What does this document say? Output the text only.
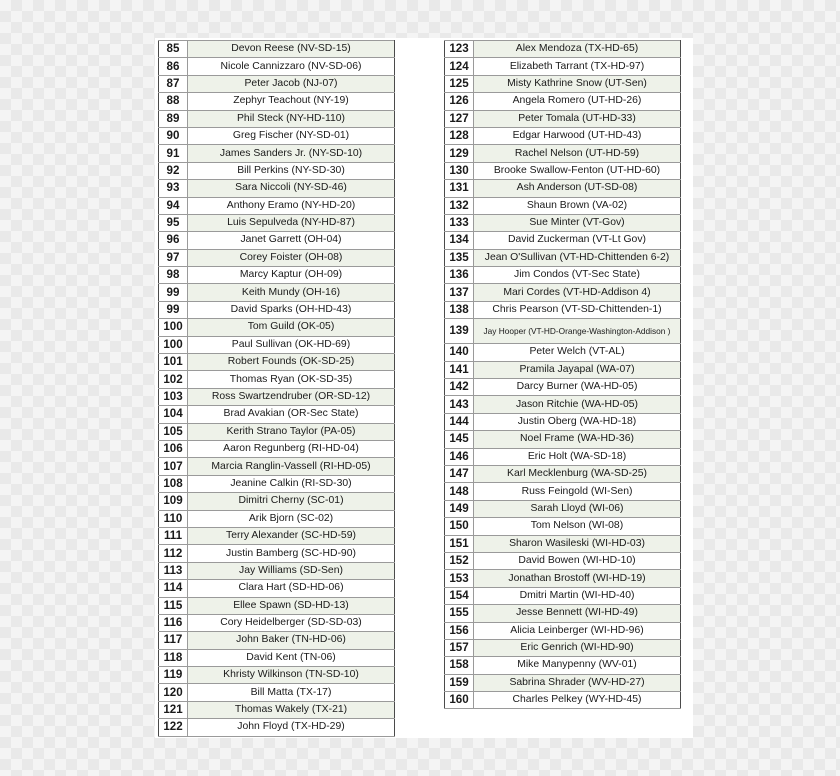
85	Devon Reese (NV-SD-15)
86	Nicole Cannizzaro (NV-SD-06)
87	Peter Jacob (NJ-07)
88	Zephyr Teachout (NY-19)
89	Phil Steck (NY-HD-110)
90	Greg Fischer (NY-SD-01)
91	James Sanders Jr. (NY-SD-10)
92	Bill Perkins (NY-SD-30)
93	Sara Niccoli (NY-SD-46)
94	Anthony Eramo (NY-HD-20)
95	Luis Sepulveda (NY-HD-87)
96	Janet Garrett (OH-04)
97	Corey Foister (OH-08)
98	Marcy Kaptur (OH-09)
99	Keith Mundy (OH-16)
99	David Sparks (OH-HD-43)
100	Tom Guild (OK-05)
100	Paul Sullivan (OK-HD-69)
101	Robert Founds (OK-SD-25)
102	Thomas Ryan (OK-SD-35)
103	Ross Swartzendruber (OR-SD-12)
104	Brad Avakian (OR-Sec State)
105	Kerith Strano Taylor (PA-05)
106	Aaron Regunberg (RI-HD-04)
107	Marcia Ranglin-Vassell (RI-HD-05)
108	Jeanine Calkin (RI-SD-30)
109	Dimitri Cherny (SC-01)
110	Arik Bjorn (SC-02)
111	Terry Alexander (SC-HD-59)
112	Justin Bamberg (SC-HD-90)
113	Jay Williams (SD-Sen)
114	Clara Hart (SD-HD-06)
115	Ellee Spawn (SD-HD-13)
116	Cory Heidelberger (SD-SD-03)
117	John Baker (TN-HD-06)
118	David Kent (TN-06)
119	Khristy Wilkinson (TN-SD-10)
120	Bill Matta (TX-17)
121	Thomas Wakely (TX-21)
122	John Floyd (TX-HD-29)
123	Alex Mendoza (TX-HD-65)
124	Elizabeth Tarrant (TX-HD-97)
125	Misty Kathrine Snow (UT-Sen)
126	Angela Romero (UT-HD-26)
127	Peter Tomala (UT-HD-33)
128	Edgar Harwood (UT-HD-43)
129	Rachel Nelson (UT-HD-59)
130	Brooke Swallow-Fenton (UT-HD-60)
131	Ash Anderson (UT-SD-08)
132	Shaun Brown (VA-02)
133	Sue Minter (VT-Gov)
134	David Zuckerman (VT-Lt Gov)
135	Jean O'Sullivan (VT-HD-Chittenden 6-2)
136	Jim Condos (VT-Sec State)
137	Mari Cordes (VT-HD-Addison 4)
138	Chris Pearson (VT-SD-Chittenden-1)
139	Jay Hooper (VT-HD-Orange-Washington-Addison )
140	Peter Welch (VT-AL)
141	Pramila Jayapal (WA-07)
142	Darcy Burner (WA-HD-05)
143	Jason Ritchie (WA-HD-05)
144	Justin Oberg (WA-HD-18)
145	Noel Frame (WA-HD-36)
146	Eric Holt (WA-SD-18)
147	Karl Mecklenburg (WA-SD-25)
148	Russ Feingold (WI-Sen)
149	Sarah Lloyd (WI-06)
150	Tom Nelson (WI-08)
151	Sharon Wasileski (WI-HD-03)
152	David Bowen (WI-HD-10)
153	Jonathan Brostoff (WI-HD-19)
154	Dmitri Martin (WI-HD-40)
155	Jesse Bennett (WI-HD-49)
156	Alicia Leinberger (WI-HD-96)
157	Eric Genrich (WI-HD-90)
158	Mike Manypenny (WV-01)
159	Sabrina Shrader (WV-HD-27)
160	Charles Pelkey (WY-HD-45)
